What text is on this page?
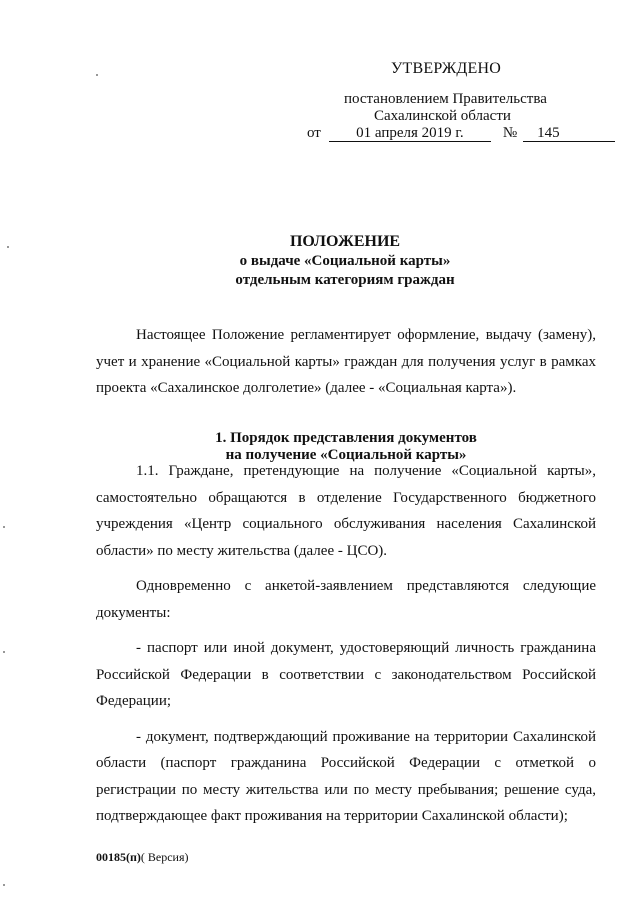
УТВЕРЖДЕНО
постановлением Правительства
Сахалинской области
от 01 апреля 2019 г.	№ 145

ПОЛОЖЕНИЕ

о выдаче «Социальной карты»

отдельным категориям граждан

Настоящее Положение регламентирует оформление, выдачу (замену), учет и хранение «Социальной карты» граждан для получения услуг в рамках проекта «Сахалинское долголетие» (далее - «Социальная карта»).

1. Порядок представления документов
на получение «Социальной карты»

1.1. Граждане, претендующие на получение «Социальной карты», самостоятельно обращаются в отделение Государственного бюджетного учреждения «Центр социального обслуживания населения Сахалинской области» по месту жительства (далее - ЦСО).

Одновременно с анкетой-заявлением представляются следующие документы:

- паспорт или иной документ, удостоверяющий личность гражданина Российской Федерации в соответствии с законодательством Российской Федерации;

- документ, подтверждающий проживание на территории Сахалинской области (паспорт гражданина Российской Федерации с отметкой о регистрации по месту жительства или по месту пребывания; решение суда, подтверждающее факт проживания на территории Сахалинской области);

00185(п)( Версия)
